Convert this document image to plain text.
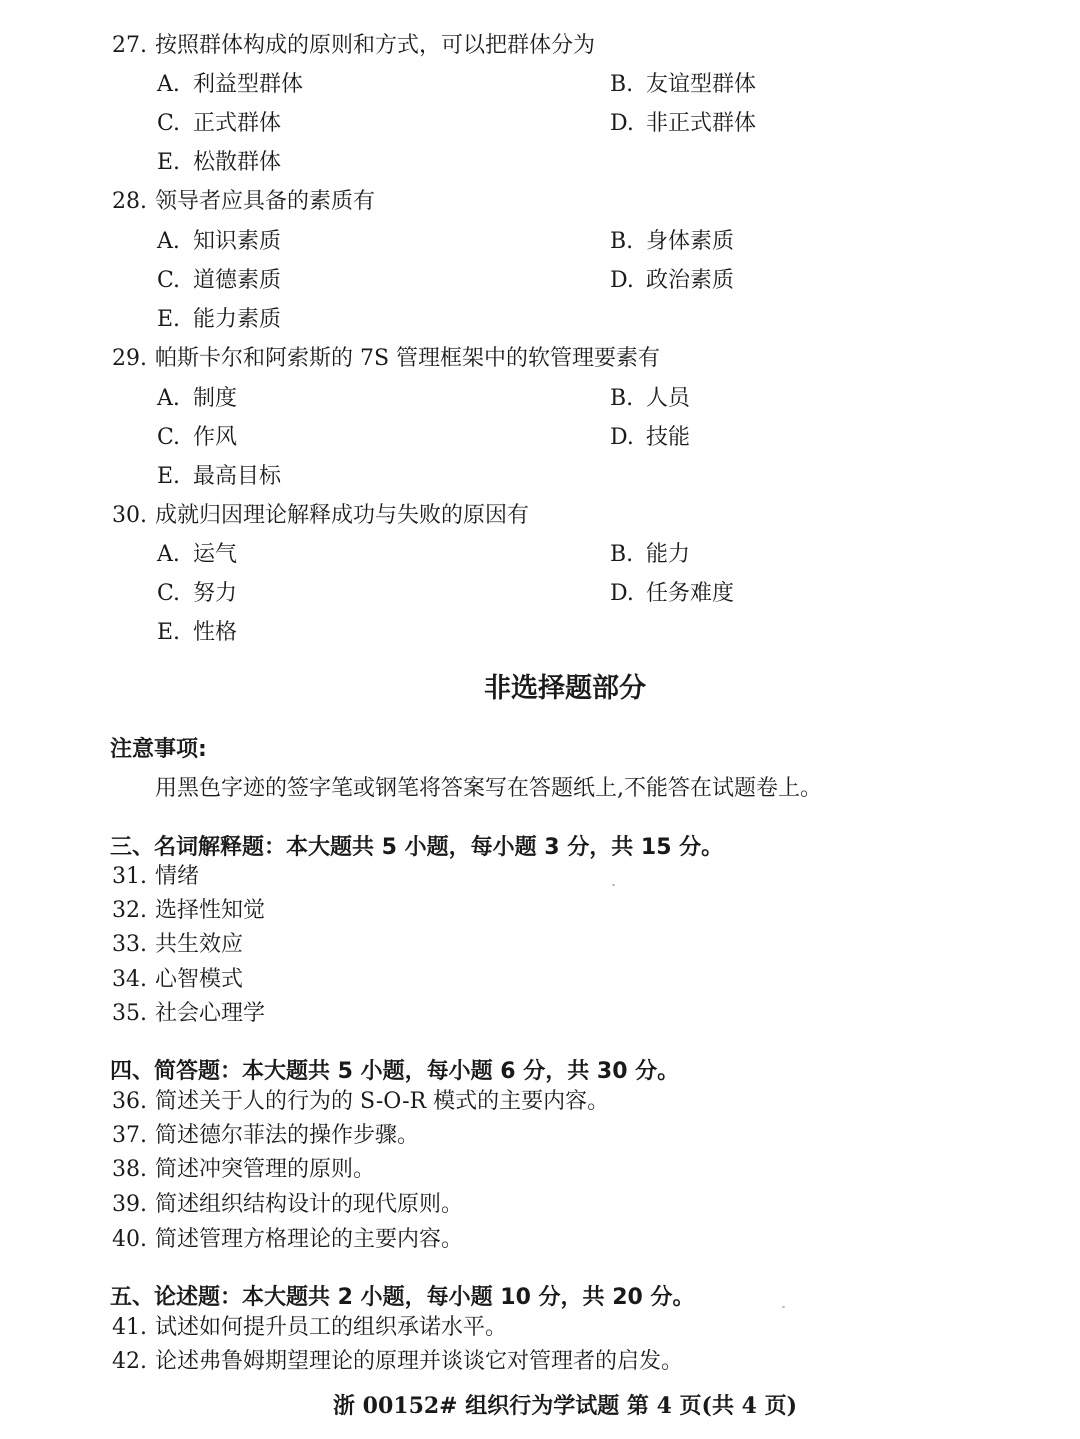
27. 按照群体构成的原则和方式，可以把群体分为
A. 利益型群体	B. 友谊型群体
C. 正式群体	D. 非正式群体
E. 松散群体
28. 领导者应具备的素质有
A. 知识素质	B. 身体素质
C. 道德素质	D. 政治素质
E. 能力素质
29. 帕斯卡尔和阿索斯的 7S 管理框架中的软管理要素有
A. 制度	B. 人员
C. 作风	D. 技能
E. 最高目标
30. 成就归因理论解释成功与失败的原因有
A. 运气	B. 能力
C. 努力	D. 任务难度
E. 性格
非选择题部分
注意事项:
用黑色字迹的签字笔或钢笔将答案写在答题纸上,不能答在试题卷上。
三、名词解释题：本大题共 5 小题，每小题 3 分，共 15 分。
31. 情绪
32. 选择性知觉
33. 共生效应
34. 心智模式
35. 社会心理学
四、简答题：本大题共 5 小题，每小题 6 分，共 30 分。
36. 简述关于人的行为的 S-O-R 模式的主要内容。
37. 简述德尔菲法的操作步骤。
38. 简述冲突管理的原则。
39. 简述组织结构设计的现代原则。
40. 简述管理方格理论的主要内容。
五、论述题：本大题共 2 小题，每小题 10 分，共 20 分。
41. 试述如何提升员工的组织承诺水平。
42. 论述弗鲁姆期望理论的原理并谈谈它对管理者的启发。
浙 00152# 组织行为学试题 第 4 页(共 4 页)
